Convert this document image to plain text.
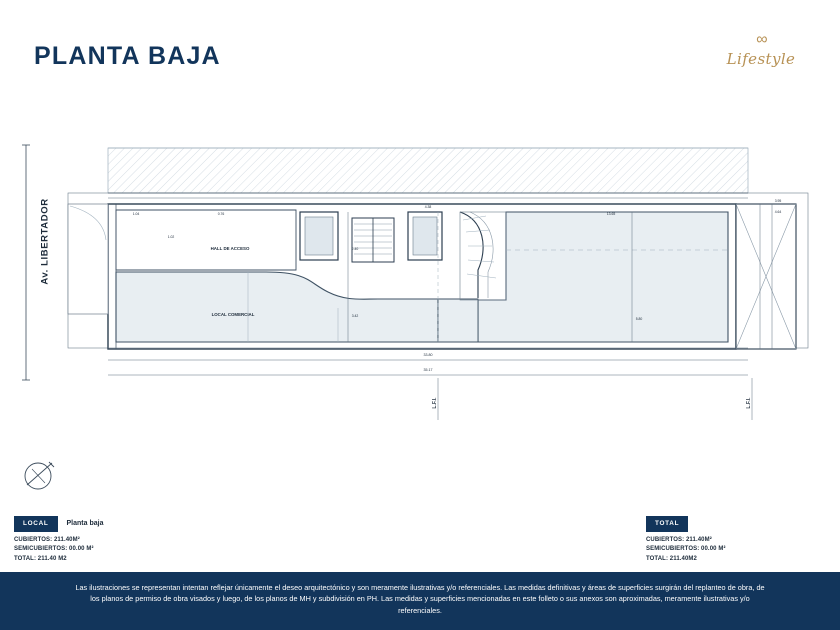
PLANTA BAJA
∞
Lifestyle
Av. LIBERTADOR	HALL DE ACCESO
LOCAL COMERCIAL
3.95
4.64
1.04	0.76
4.38
13.65
1.02
2.40
3.42
5.80
33.80
35.17
L.F.I.	L.F.I.
LOCAL	Planta baja
CUBIERTOS: 211.40M²
SEMICUBIERTOS: 00.00 M²
TOTAL: 211.40 M2
TOTAL
CUBIERTOS: 211.40M²
SEMICUBIERTOS: 00.00 M²
TOTAL: 211.40M2
Las ilustraciones se representan intentan reflejar únicamente el deseo arquitectónico y son meramente ilustrativas y/o referenciales. Las medidas definitivas y áreas de superficies surgirán del replanteo de obra, de los planos de permiso de obra visados y luego, de los planos de MH y subdivisión en PH. Las medidas y superficies mencionadas en este folleto o sus anexos son aproximadas, meramente ilustrativas y/o referenciales.
